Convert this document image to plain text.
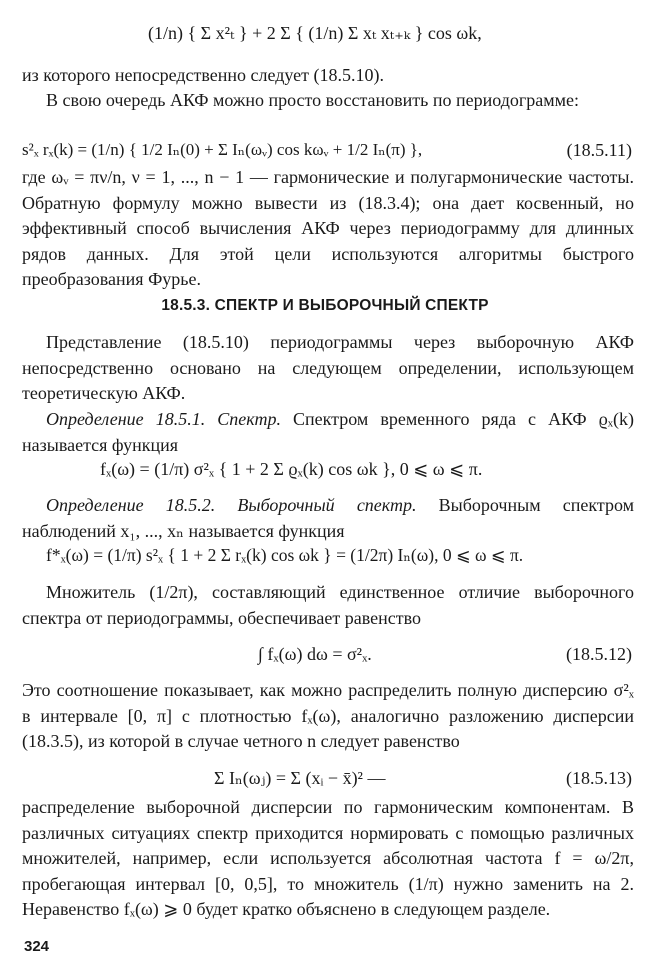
(1/n) { Σ x²ₜ } + 2 Σ { (1/n) Σ xₜ xₜ₊ₖ } cos ωk,
из которого непосредственно следует (18.5.10).
В свою очередь АКФ можно просто восстановить по периодограмме:
s²ₓ rₓ(k) = (1/n) { 1/2 Iₙ(0) + Σ Iₙ(ωᵥ) cos kωᵥ + 1/2 Iₙ(π) },	(18.5.11)
где ωᵥ = πν/n, ν = 1, ..., n − 1 — гармонические и полугармонические частоты. Обратную формулу можно вывести из (18.3.4); она дает косвенный, но эффективный способ вычисления АКФ через периодограмму для длинных рядов данных. Для этой цели используются алгоритмы быстрого преобразования Фурье.
18.5.3. СПЕКТР И ВЫБОРОЧНЫЙ СПЕКТР
Представление (18.5.10) периодограммы через выборочную АКФ непосредственно основано на следующем определении, использующем теоретическую АКФ.
Определение 18.5.1. Спектр. Спектром временного ряда с АКФ ϱₓ(k) называется функция
fₓ(ω) = (1/π) σ²ₓ { 1 + 2 Σ ϱₓ(k) cos ωk }, 0 ⩽ ω ⩽ π.
Определение 18.5.2. Выборочный спектр. Выборочным спектром наблюдений x₁, ..., xₙ называется функция
f*ₓ(ω) = (1/π) s²ₓ { 1 + 2 Σ rₓ(k) cos ωk } = (1/2π) Iₙ(ω), 0 ⩽ ω ⩽ π.
Множитель (1/2π), составляющий единственное отличие выборочного спектра от периодограммы, обеспечивает равенство
∫ fₓ(ω) dω = σ²ₓ.	(18.5.12)
Это соотношение показывает, как можно распределить полную дисперсию σ²ₓ в интервале [0, π] с плотностью fₓ(ω), аналогично разложению дисперсии (18.3.5), из которой в случае четного n следует равенство
Σ Iₙ(ωⱼ) = Σ (xᵢ − x̄)² —	(18.5.13)
распределение выборочной дисперсии по гармоническим компонентам. В различных ситуациях спектр приходится нормировать с помощью различных множителей, например, если используется абсолютная частота f = ω/2π, пробегающая интервал [0, 0,5], то множитель (1/π) нужно заменить на 2. Неравенство fₓ(ω) ⩾ 0 будет кратко объяснено в следующем разделе.
324
